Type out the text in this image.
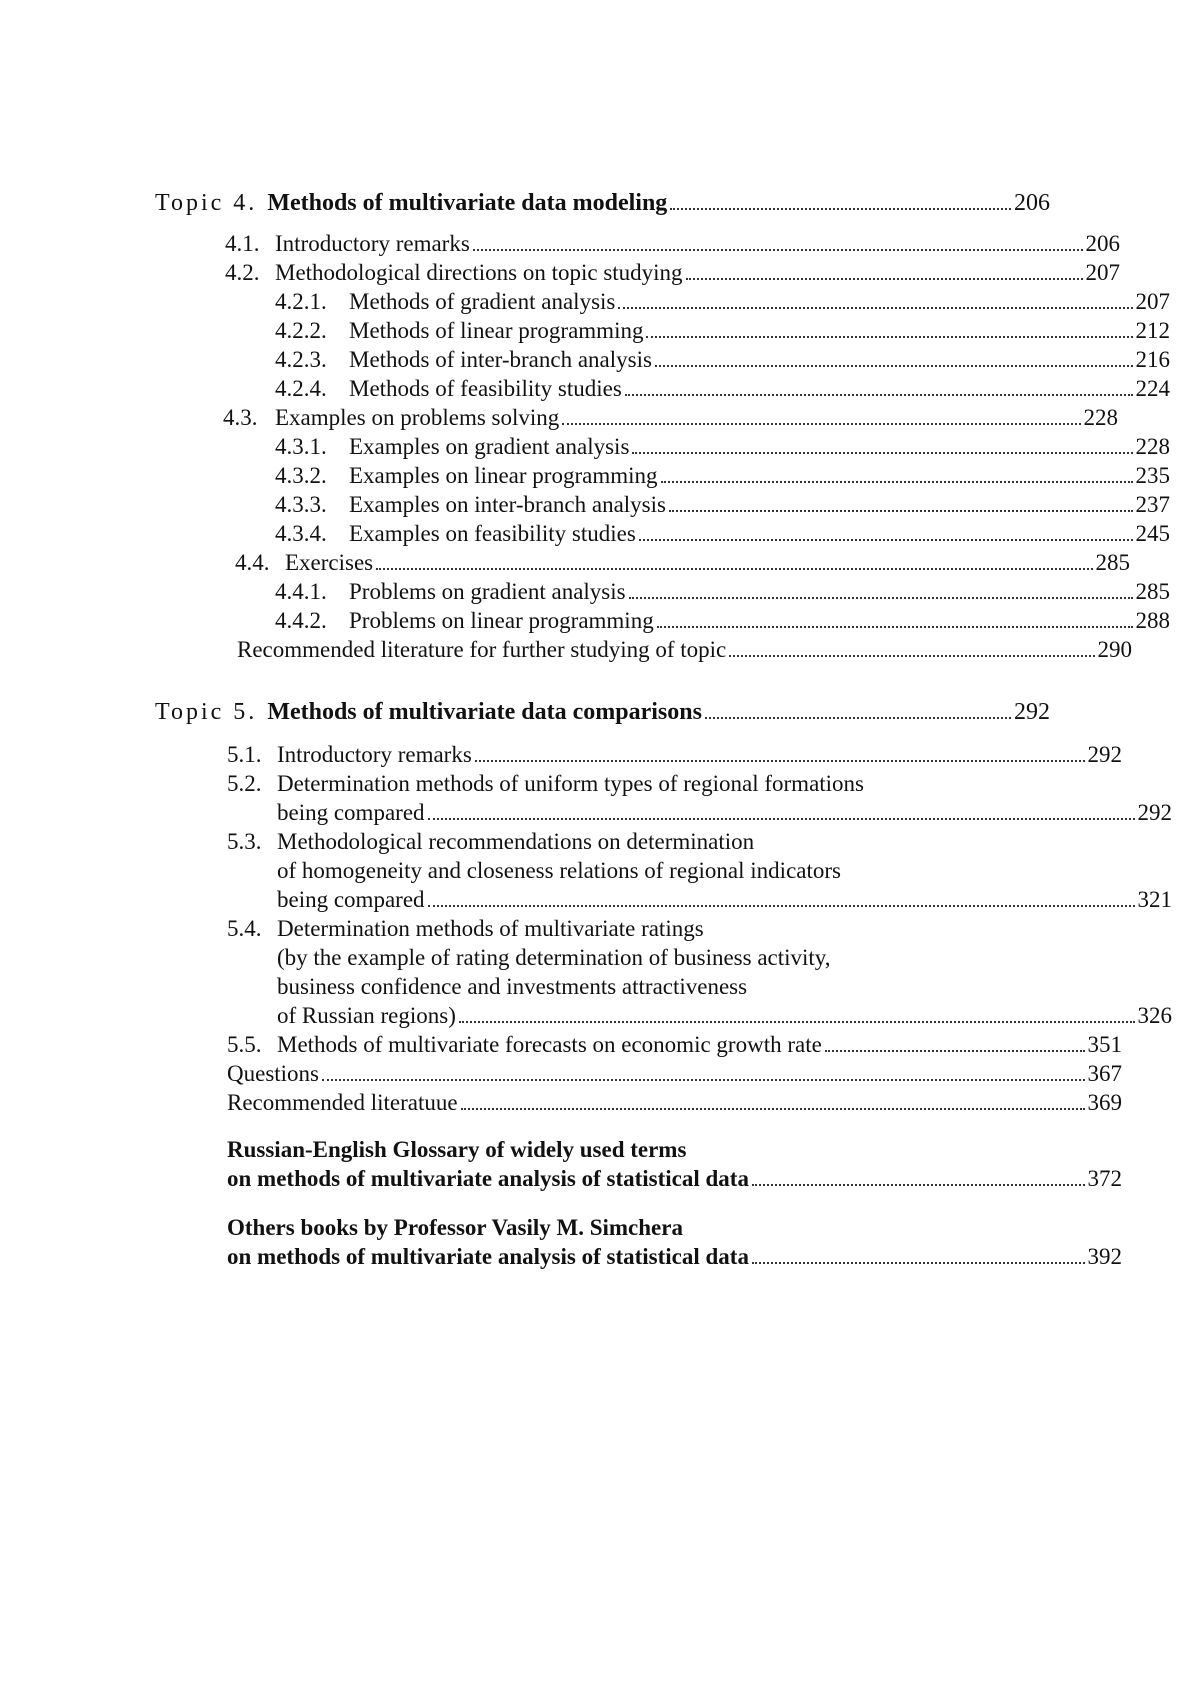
Topic 4. Methods of multivariate data modeling	206
4.1. Introductory remarks	206
4.2. Methodological directions on topic studying	207
4.2.1. Methods of gradient analysis	207
4.2.2. Methods of linear programming	212
4.2.3. Methods of inter-branch analysis	216
4.2.4. Methods of feasibility studies	224
4.3. Examples on problems solving	228
4.3.1. Examples on gradient analysis	228
4.3.2. Examples on linear programming	235
4.3.3. Examples on inter-branch analysis	237
4.3.4. Examples on feasibility studies	245
4.4. Exercises	285
4.4.1. Problems on gradient analysis	285
4.4.2. Problems on linear programming	288
Recommended literature for further studying of topic	290
Topic 5. Methods of multivariate data comparisons	292
5.1. Introductory remarks	292
5.2. Determination methods of uniform types of regional formations
being compared	292
5.3. Methodological recommendations on determination
of homogeneity and closeness relations of regional indicators
being compared	321
5.4. Determination methods of multivariate ratings
(by the example of rating determination of business activity,
business confidence and investments attractiveness
of Russian regions)	326
5.5. Methods of multivariate forecasts on economic growth rate	351
Questions	367
Recommended literatuue	369
Russian-English Glossary of widely used terms
on methods of multivariate analysis of statistical data	372
Others books by Professor Vasily M. Simchera
on methods of multivariate analysis of statistical data	392
